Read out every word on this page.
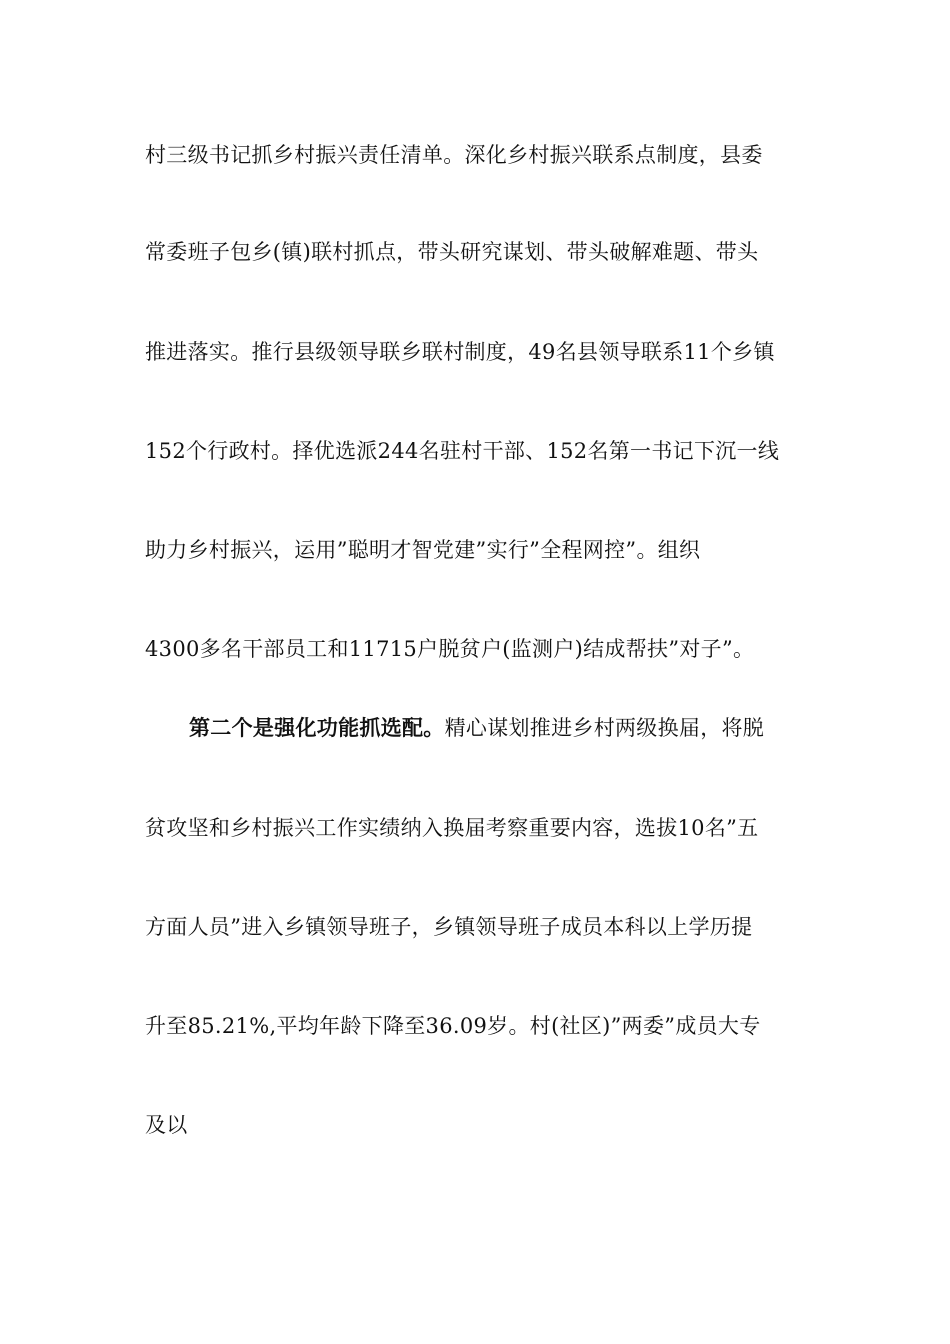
村三级书记抓乡村振兴责任清单。深化乡村振兴联系点制度，县委
常委班子包乡(镇)联村抓点，带头研究谋划、带头破解难题、带头
推进落实。推行县级领导联乡联村制度，49名县领导联系11个乡镇
152个行政村。择优选派244名驻村干部、152名第一书记下沉一线
助力乡村振兴，运用”聪明才智党建”实行”全程网控”。组织
4300多名干部员工和11715户脱贫户(监测户)结成帮扶”对子”。
第二个是强化功能抓选配。精心谋划推进乡村两级换届，将脱
贫攻坚和乡村振兴工作实绩纳入换届考察重要内容，选拔10名”五
方面人员”进入乡镇领导班子，乡镇领导班子成员本科以上学历提
升至85.21%,平均年龄下降至36.09岁。村(社区)”两委”成员大专
及以
